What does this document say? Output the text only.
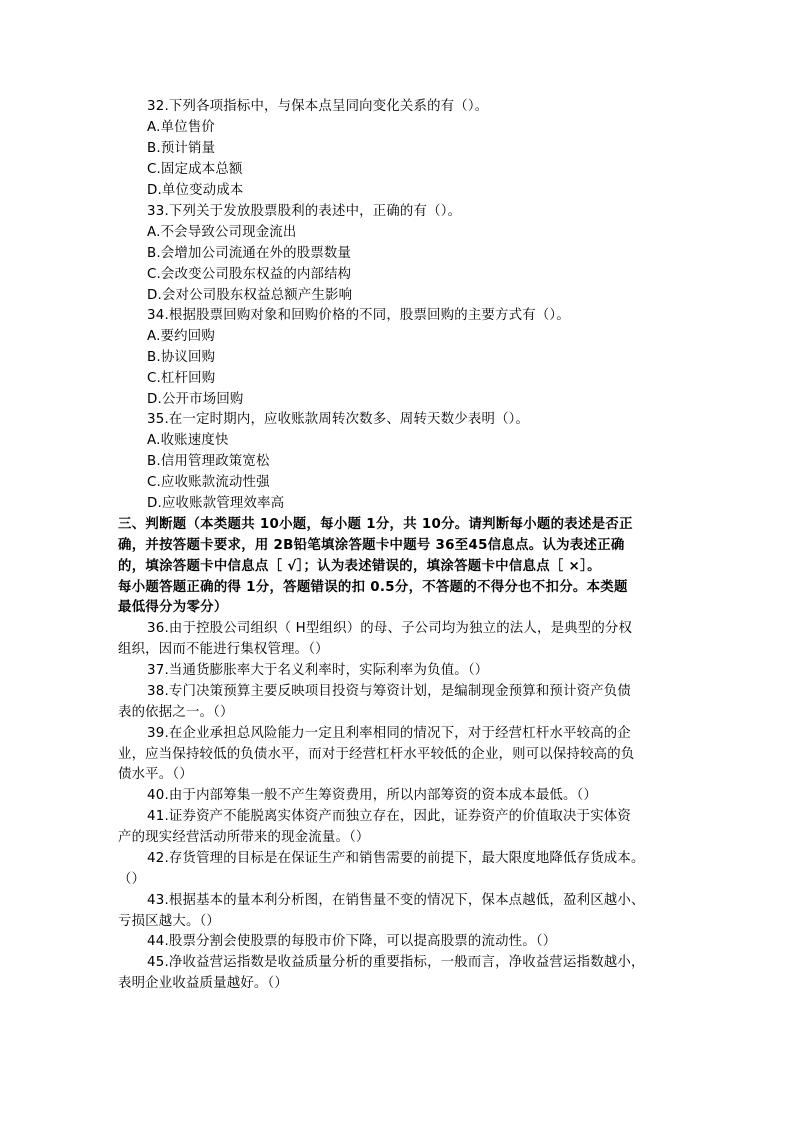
32.下列各项指标中，与保本点呈同向变化关系的有（）。
A.单位售价
B.预计销量
C.固定成本总额
D.单位变动成本
33.下列关于发放股票股利的表述中，正确的有（）。
A.不会导致公司现金流出
B.会增加公司流通在外的股票数量
C.会改变公司股东权益的内部结构
D.会对公司股东权益总额产生影响
34.根据股票回购对象和回购价格的不同，股票回购的主要方式有（）。
A.要约回购
B.协议回购
C.杠杆回购
D.公开市场回购
35.在一定时期内，应收账款周转次数多、周转天数少表明（）。
A.收账速度快
B.信用管理政策宽松
C.应收账款流动性强
D.应收账款管理效率高
三、判断题（本类题共 10小题，每小题 1分，共 10分。请判断每小题的表述是否正
确，并按答题卡要求，用 2B铅笔填涂答题卡中题号 36至45信息点。认为表述正确
的，填涂答题卡中信息点［ √］；认为表述错误的，填涂答题卡中信息点［ ×］。
每小题答题正确的得 1分，答题错误的扣 0.5分，不答题的不得分也不扣分。本类题
最低得分为零分）
36.由于控股公司组织（ H型组织）的母、子公司均为独立的法人，是典型的分权
组织，因而不能进行集权管理。（）
37.当通货膨胀率大于名义利率时，实际利率为负值。（）
38.专门决策预算主要反映项目投资与筹资计划，是编制现金预算和预计资产负债
表的依据之一。（）
39.在企业承担总风险能力一定且利率相同的情况下，对于经营杠杆水平较高的企
业，应当保持较低的负债水平，而对于经营杠杆水平较低的企业，则可以保持较高的负
债水平。（）
40.由于内部筹集一般不产生筹资费用，所以内部筹资的资本成本最低。（）
41.证券资产不能脱离实体资产而独立存在，因此，证券资产的价值取决于实体资
产的现实经营活动所带来的现金流量。（）
42.存货管理的目标是在保证生产和销售需要的前提下，最大限度地降低存货成本。
（）
43.根据基本的量本利分析图，在销售量不变的情况下，保本点越低，盈利区越小、
亏损区越大。（）
44.股票分割会使股票的每股市价下降，可以提高股票的流动性。（）
45.净收益营运指数是收益质量分析的重要指标，一般而言，净收益营运指数越小，
表明企业收益质量越好。（）
